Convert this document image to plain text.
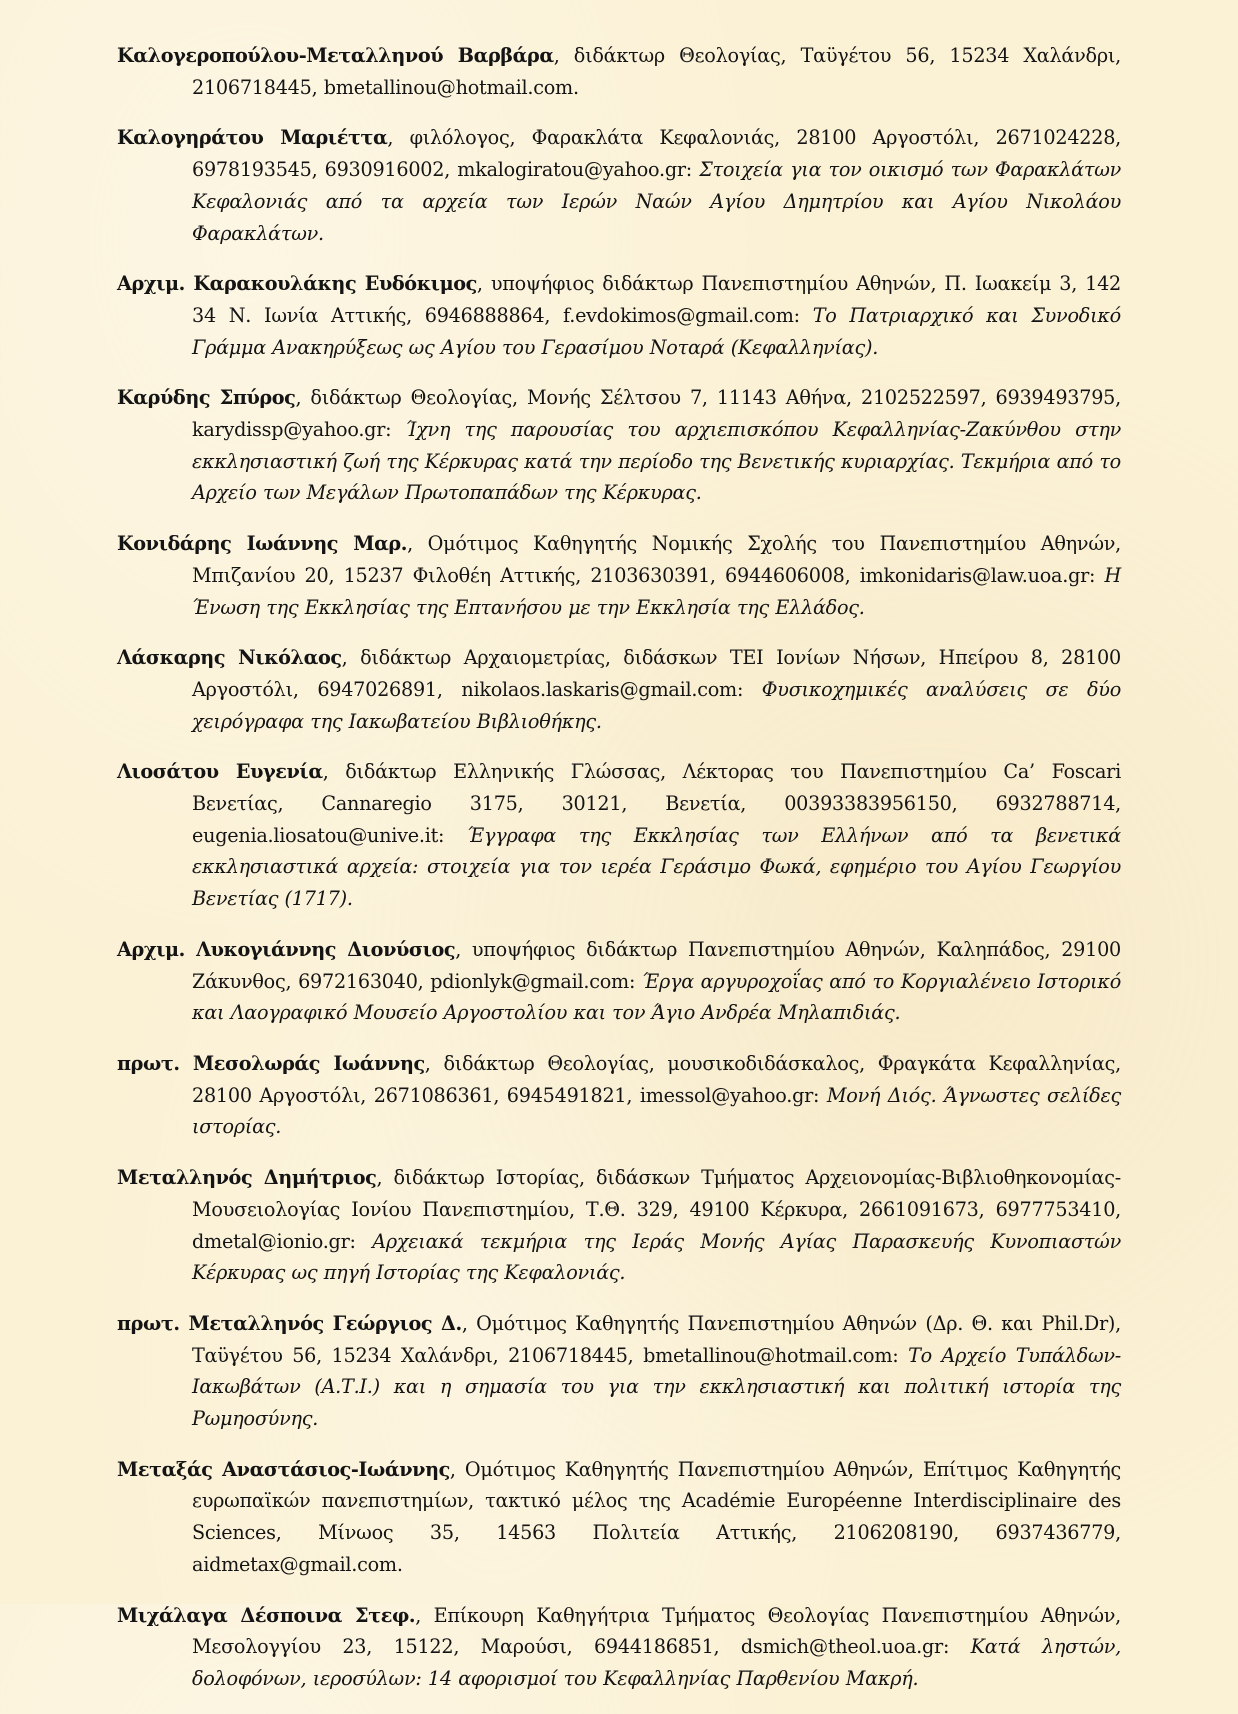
Καλογεροπούλου-Μεταλληνού Βαρβάρα, διδάκτωρ Θεολογίας, Ταϋγέτου 56, 15234 Χαλάνδρι, 2106718445, bmetallinou@hotmail.com.

Καλογηράτου Μαριέττα, φιλόλογος, Φαρακλάτα Κεφαλονιάς, 28100 Αργοστόλι, 2671024228, 6978193545, 6930916002, mkalogiratou@yahoo.gr: Στοιχεία για τον οικισμό των Φαρακλάτων Κεφαλονιάς από τα αρχεία των Ιερών Ναών Αγίου Δημητρίου και Αγίου Νικολάου Φαρακλάτων.

Αρχιμ. Καρακουλάκης Ευδόκιμος, υποψήφιος διδάκτωρ Πανεπιστημίου Αθηνών, Π. Ιωακείμ 3, 142 34 Ν. Ιωνία Αττικής, 6946888864, f.evdokimos@gmail.com: Το Πατριαρχικό και Συνοδικό Γράμμα Ανακηρύξεως ως Αγίου του Γερασίμου Νοταρά (Κεφαλληνίας).

Καρύδης Σπύρος, διδάκτωρ Θεολογίας, Μονής Σέλτσου 7, 11143 Αθήνα, 2102522597, 6939493795, karydissp@yahoo.gr: Ίχνη της παρουσίας του αρχιεπισκόπου Κεφαλληνίας-Ζακύνθου στην εκκλησιαστική ζωή της Κέρκυρας κατά την περίοδο της Βενετικής κυριαρχίας. Τεκμήρια από το Αρχείο των Μεγάλων Πρωτοπαπάδων της Κέρκυρας.

Κονιδάρης Ιωάννης Μαρ., Ομότιμος Καθηγητής Νομικής Σχολής του Πανεπιστημίου Αθηνών, Μπιζανίου 20, 15237 Φιλοθέη Αττικής, 2103630391, 6944606008, imkonidaris@law.uoa.gr: Η Ένωση της Εκκλησίας της Επτανήσου με την Εκκλησία της Ελλάδος.

Λάσκαρης Νικόλαος, διδάκτωρ Αρχαιομετρίας, διδάσκων ΤΕΙ Ιονίων Νήσων, Ηπείρου 8, 28100 Αργοστόλι, 6947026891, nikolaos.laskaris@gmail.com: Φυσικοχημικές αναλύσεις σε δύο χειρόγραφα της Ιακωβατείου Βιβλιοθήκης.

Λιοσάτου Ευγενία, διδάκτωρ Ελληνικής Γλώσσας, Λέκτορας του Πανεπιστημίου Ca’ Foscari Βενετίας, Cannaregio 3175, 30121, Βενετία, 00393383956150, 6932788714, eugenia.liosatou@unive.it: Έγγραφα της Εκκλησίας των Ελλήνων από τα βενετικά εκκλησιαστικά αρχεία: στοιχεία για τον ιερέα Γεράσιμο Φωκά, εφημέριο του Αγίου Γεωργίου Βενετίας (1717).

Αρχιμ. Λυκογιάννης Διονύσιος, υποψήφιος διδάκτωρ Πανεπιστημίου Αθηνών, Καληπάδος, 29100 Ζάκυνθος, 6972163040, pdionlyk@gmail.com: Έργα αργυροχοΐας από το Κοργιαλένειο Ιστορικό και Λαογραφικό Μουσείο Αργοστολίου και τον Άγιο Ανδρέα Μηλαπιδιάς.

πρωτ. Μεσολωράς Ιωάννης, διδάκτωρ Θεολογίας, μουσικοδιδάσκαλος, Φραγκάτα Κεφαλληνίας, 28100 Αργοστόλι, 2671086361, 6945491821, imessol@yahoo.gr: Μονή Διός. Άγνωστες σελίδες ιστορίας.

Μεταλληνός Δημήτριος, διδάκτωρ Ιστορίας, διδάσκων Τμήματος Αρχειονομίας-Βιβλιοθηκονομίας-Μουσειολογίας Ιονίου Πανεπιστημίου, Τ.Θ. 329, 49100 Κέρκυρα, 2661091673, 6977753410, dmetal@ionio.gr: Αρχειακά τεκμήρια της Ιεράς Μονής Αγίας Παρασκευής Κυνοπιαστών Κέρκυρας ως πηγή Ιστορίας της Κεφαλονιάς.

πρωτ. Μεταλληνός Γεώργιος Δ., Ομότιμος Καθηγητής Πανεπιστημίου Αθηνών (Δρ. Θ. και Phil.Dr), Ταϋγέτου 56, 15234 Χαλάνδρι, 2106718445, bmetallinou@hotmail.com: Το Αρχείο Τυπάλδων-Ιακωβάτων (Α.Τ.Ι.) και η σημασία του για την εκκλησιαστική και πολιτική ιστορία της Ρωμηοσύνης.

Μεταξάς Αναστάσιος-Ιωάννης, Ομότιμος Καθηγητής Πανεπιστημίου Αθηνών, Επίτιμος Καθηγητής ευρωπαϊκών πανεπιστημίων, τακτικό μέλος της Académie Européenne Interdisciplinaire des Sciences, Μίνωος 35, 14563 Πολιτεία Αττικής, 2106208190, 6937436779, aidmetax@gmail.com.

Μιχάλαγα Δέσποινα Στεφ., Επίκουρη Καθηγήτρια Τμήματος Θεολογίας Πανεπιστημίου Αθηνών, Μεσολογγίου 23, 15122, Μαρούσι, 6944186851, dsmich@theol.uoa.gr: Κατά ληστών, δολοφόνων, ιεροσύλων: 14 αφορισμοί του Κεφαλληνίας Παρθενίου Μακρή.
